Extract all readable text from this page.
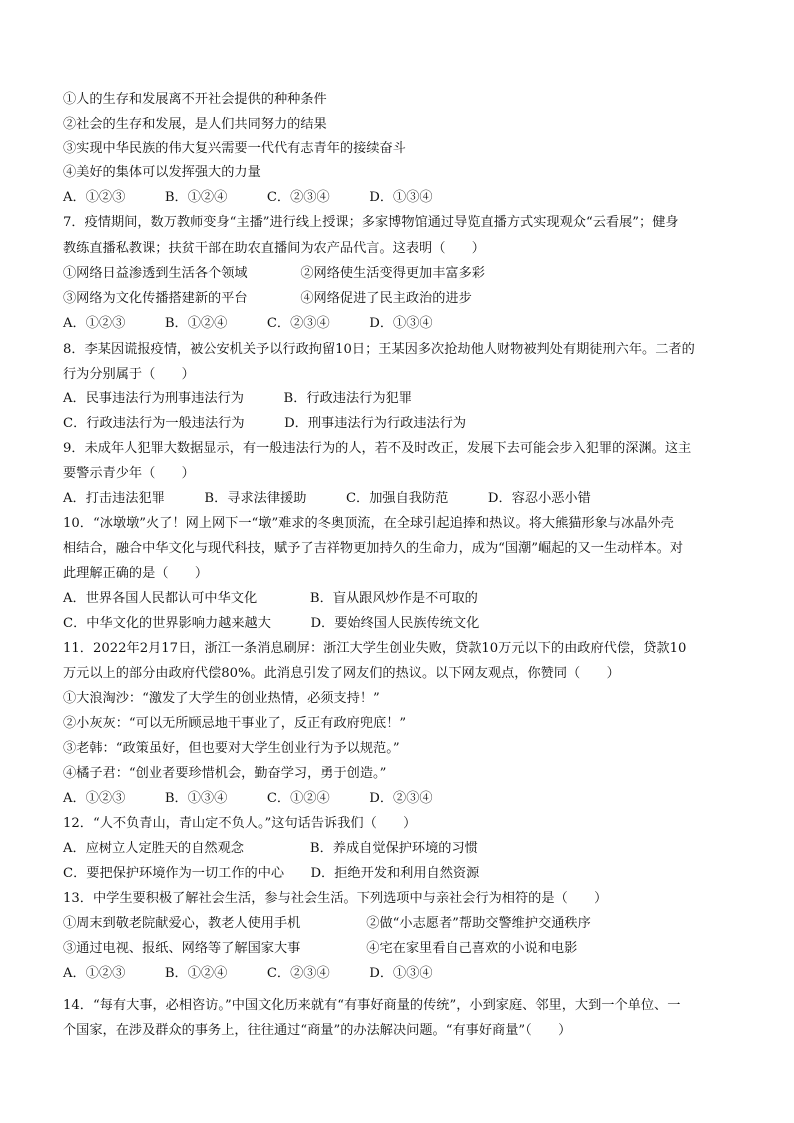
①人的生存和发展离不开社会提供的种种条件
②社会的生存和发展，是人们共同努力的结果
③实现中华民族的伟大复兴需要一代代有志青年的接续奋斗
④美好的集体可以发挥强大的力量
A．①②③　　　B．①②④　　　C．②③④　　　D．①③④
7．疫情期间，数万教师变身“主播”进行线上授课；多家博物馆通过导览直播方式实现观众“云看展”；健身
教练直播私教课；扶贫干部在助农直播间为农产品代言。这表明（　　）
①网络日益渗透到生活各个领域　　　　②网络使生活变得更加丰富多彩
③网络为文化传播搭建新的平台　　　　④网络促进了民主政治的进步
A．①②③　　　B．①②④　　　C．②③④　　　D．①③④
8．李某因谎报疫情，被公安机关予以行政拘留10日；王某因多次抢劫他人财物被判处有期徒刑六年。二者的
行为分别属于（　　）
A．民事违法行为刑事违法行为　　　B．行政违法行为犯罪
C．行政违法行为一般违法行为　　　D．刑事违法行为行政违法行为
9．未成年人犯罪大数据显示，有一般违法行为的人，若不及时改正，发展下去可能会步入犯罪的深渊。这主
要警示青少年（　　）
A．打击违法犯罪　　　B．寻求法律援助　　　C．加强自我防范　　　D．容忍小恶小错
10．“冰墩墩”火了！网上网下一“墩”难求的冬奥顶流，在全球引起追捧和热议。将大熊猫形象与冰晶外壳
相结合，融合中华文化与现代科技，赋予了吉祥物更加持久的生命力，成为“国潮”崛起的又一生动样本。对
此理解正确的是（　　）
A．世界各国人民都认可中华文化　　　　B．盲从跟风炒作是不可取的
C．中华文化的世界影响力越来越大　　　D．要始终国人民族传统文化
11．2022年2月17日，浙江一条消息刷屏：浙江大学生创业失败，贷款10万元以下的由政府代偿，贷款10
万元以上的部分由政府代偿80%。此消息引发了网友们的热议。以下网友观点，你赞同（　　）
①大浪淘沙：“激发了大学生的创业热情，必须支持！”
②小灰灰：“可以无所顾忌地干事业了，反正有政府兜底！”
③老韩：“政策虽好，但也要对大学生创业行为予以规范。”
④橘子君：“创业者要珍惜机会，勤奋学习，勇于创造。”
A．①②③　　　B．①③④　　　C．①②④　　　D．②③④
12．“人不负青山，青山定不负人。”这句话告诉我们（　　）
A．应树立人定胜天的自然观念　　　　　B．养成自觉保护环境的习惯
C．要把保护环境作为一切工作的中心　　D．拒绝开发和利用自然资源
13．中学生要积极了解社会生活，参与社会生活。下列选项中与亲社会行为相符的是（　　）
①周末到敬老院献爱心，教老人使用手机　　　　　②做“小志愿者”帮助交警维护交通秩序
③通过电视、报纸、网络等了解国家大事　　　　　④宅在家里看自己喜欢的小说和电影
A．①②③　　　B．①②④　　　C．②③④　　　D．①③④
14．“每有大事，必相咨访。”中国文化历来就有“有事好商量的传统”，小到家庭、邻里，大到一个单位、一
个国家，在涉及群众的事务上，往往通过“商量”的办法解决问题。“有事好商量”（　　）
